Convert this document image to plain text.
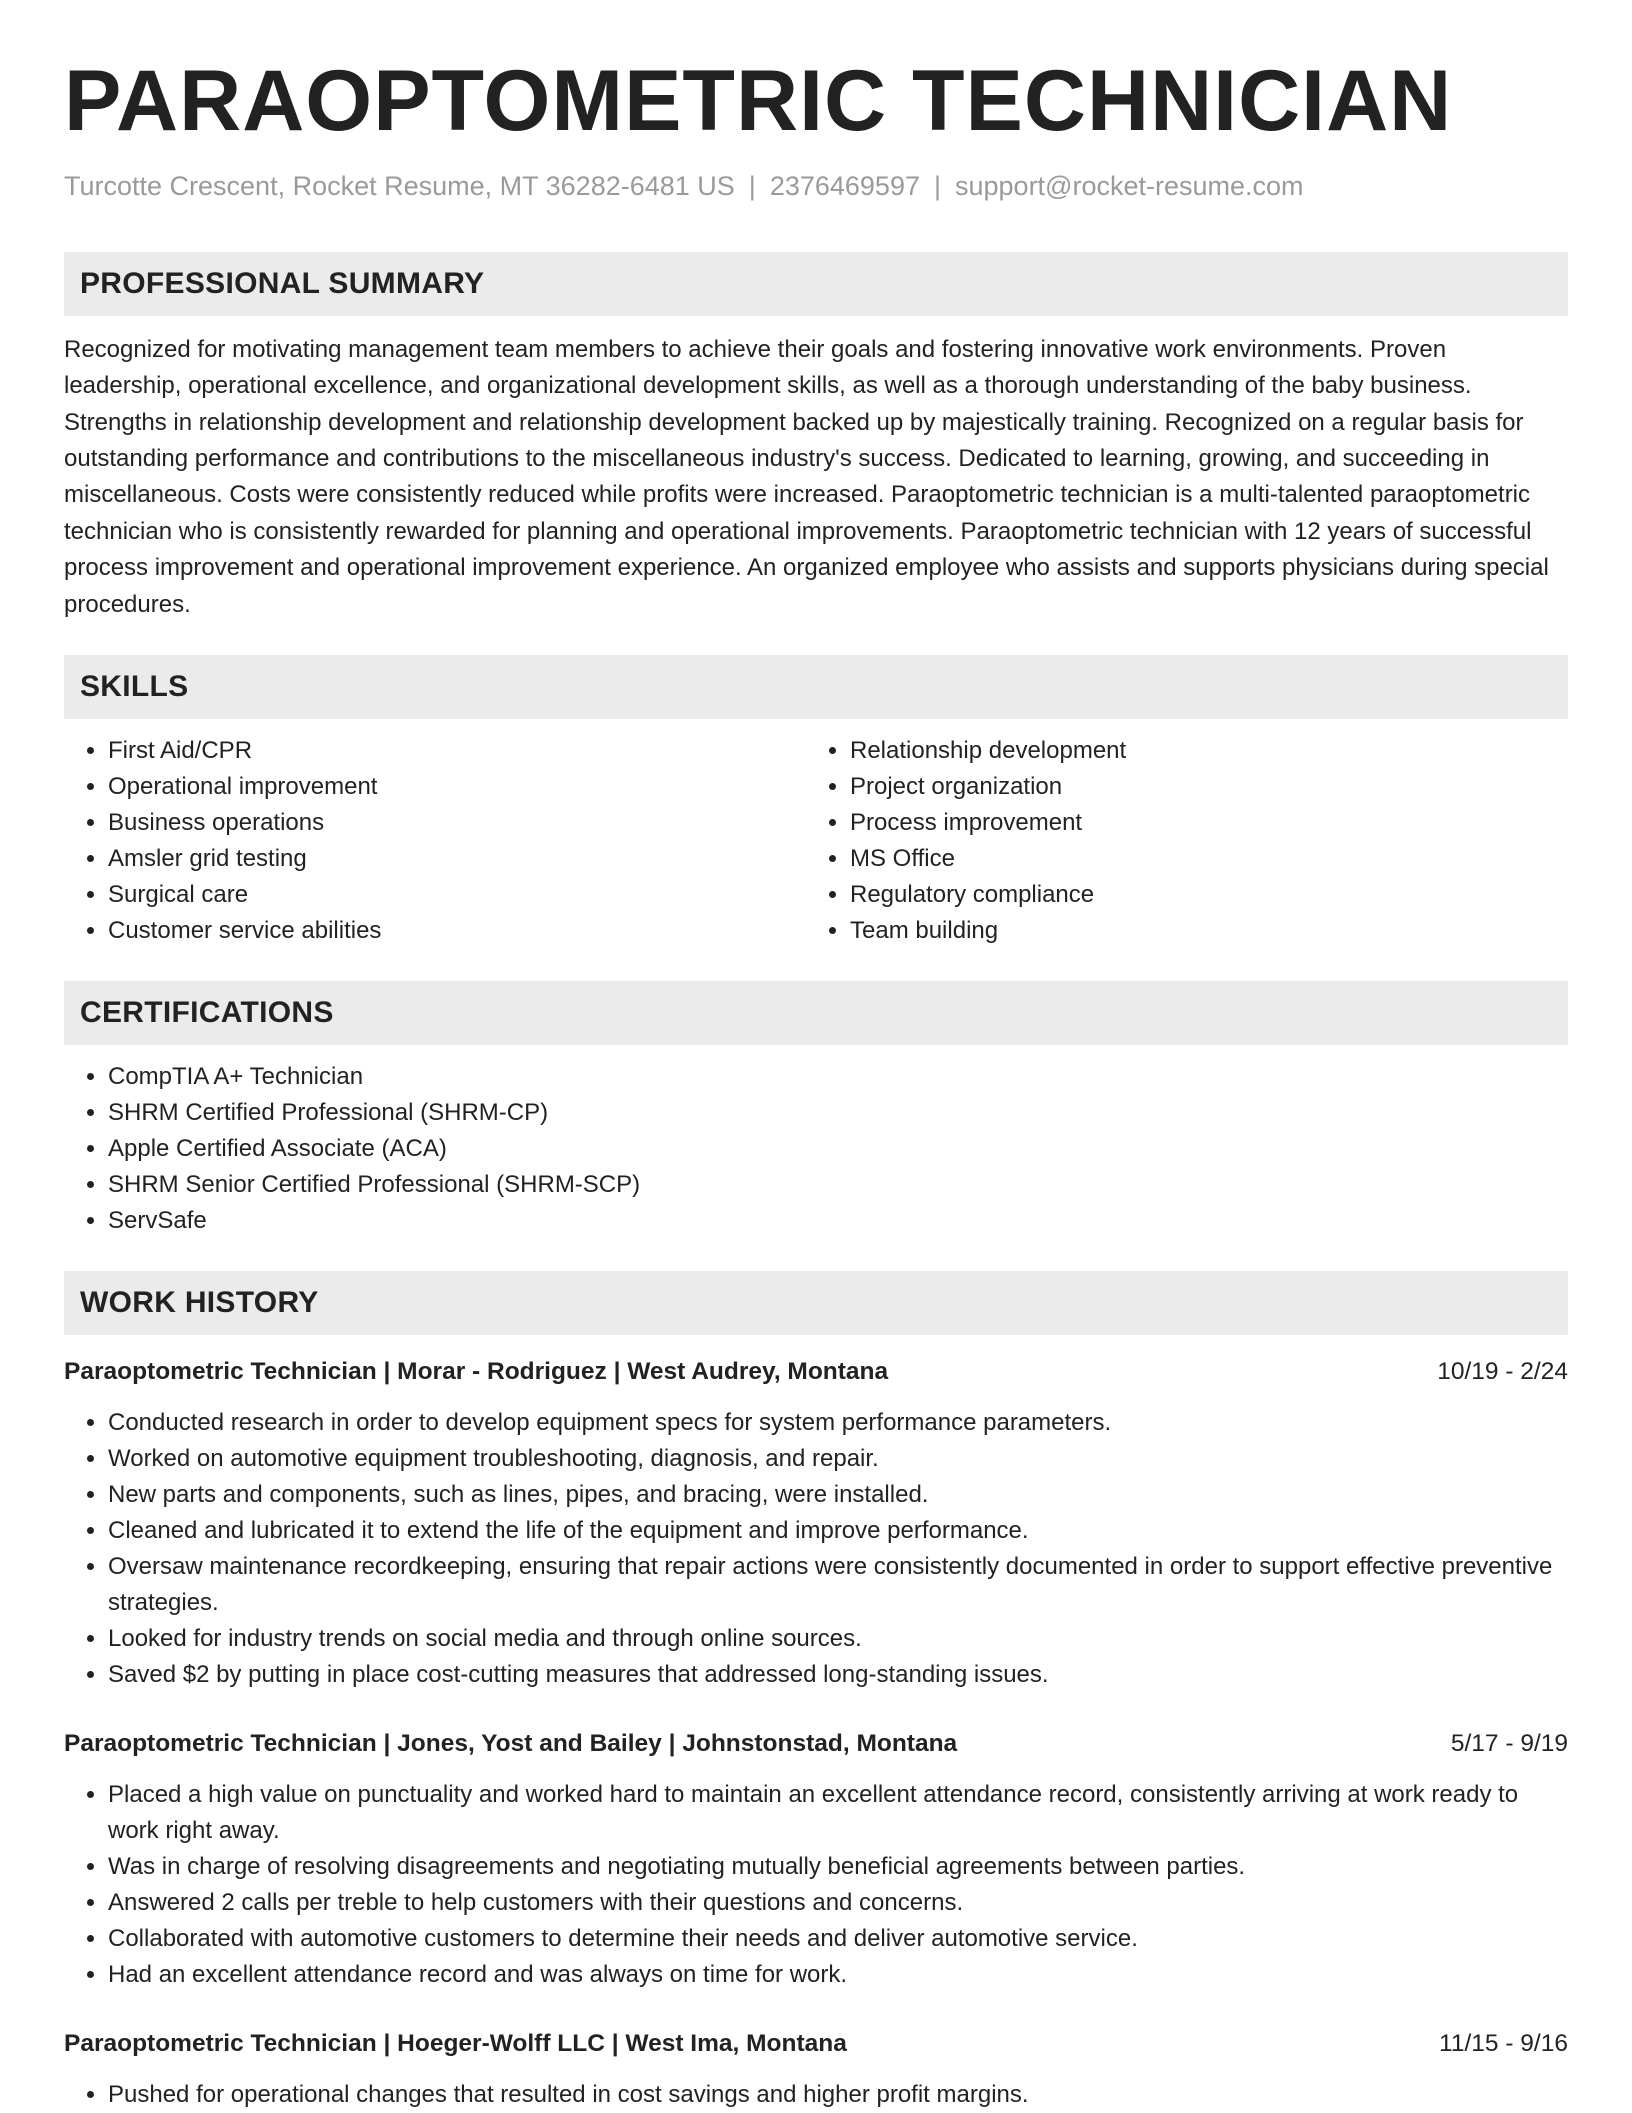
PARAOPTOMETRIC TECHNICIAN
Turcotte Crescent, Rocket Resume, MT 36282-6481 US | 2376469597 | support@rocket-resume.com
PROFESSIONAL SUMMARY
Recognized for motivating management team members to achieve their goals and fostering innovative work environments. Proven leadership, operational excellence, and organizational development skills, as well as a thorough understanding of the baby business. Strengths in relationship development and relationship development backed up by majestically training. Recognized on a regular basis for outstanding performance and contributions to the miscellaneous industry's success. Dedicated to learning, growing, and succeeding in miscellaneous. Costs were consistently reduced while profits were increased. Paraoptometric technician is a multi-talented paraoptometric technician who is consistently rewarded for planning and operational improvements. Paraoptometric technician with 12 years of successful process improvement and operational improvement experience. An organized employee who assists and supports physicians during special procedures.
SKILLS
• First Aid/CPR
• Operational improvement
• Business operations
• Amsler grid testing
• Surgical care
• Customer service abilities
• Relationship development
• Project organization
• Process improvement
• MS Office
• Regulatory compliance
• Team building
CERTIFICATIONS
• CompTIA A+ Technician
• SHRM Certified Professional (SHRM-CP)
• Apple Certified Associate (ACA)
• SHRM Senior Certified Professional (SHRM-SCP)
• ServSafe
WORK HISTORY
Paraoptometric Technician | Morar - Rodriguez | West Audrey, Montana	10/19 - 2/24
• Conducted research in order to develop equipment specs for system performance parameters.
• Worked on automotive equipment troubleshooting, diagnosis, and repair.
• New parts and components, such as lines, pipes, and bracing, were installed.
• Cleaned and lubricated it to extend the life of the equipment and improve performance.
• Oversaw maintenance recordkeeping, ensuring that repair actions were consistently documented in order to support effective preventive strategies.
• Looked for industry trends on social media and through online sources.
• Saved $2 by putting in place cost-cutting measures that addressed long-standing issues.
Paraoptometric Technician | Jones, Yost and Bailey | Johnstonstad, Montana	5/17 - 9/19
• Placed a high value on punctuality and worked hard to maintain an excellent attendance record, consistently arriving at work ready to work right away.
• Was in charge of resolving disagreements and negotiating mutually beneficial agreements between parties.
• Answered 2 calls per treble to help customers with their questions and concerns.
• Collaborated with automotive customers to determine their needs and deliver automotive service.
• Had an excellent attendance record and was always on time for work.
Paraoptometric Technician | Hoeger-Wolff LLC | West Ima, Montana	11/15 - 9/16
• Pushed for operational changes that resulted in cost savings and higher profit margins.
